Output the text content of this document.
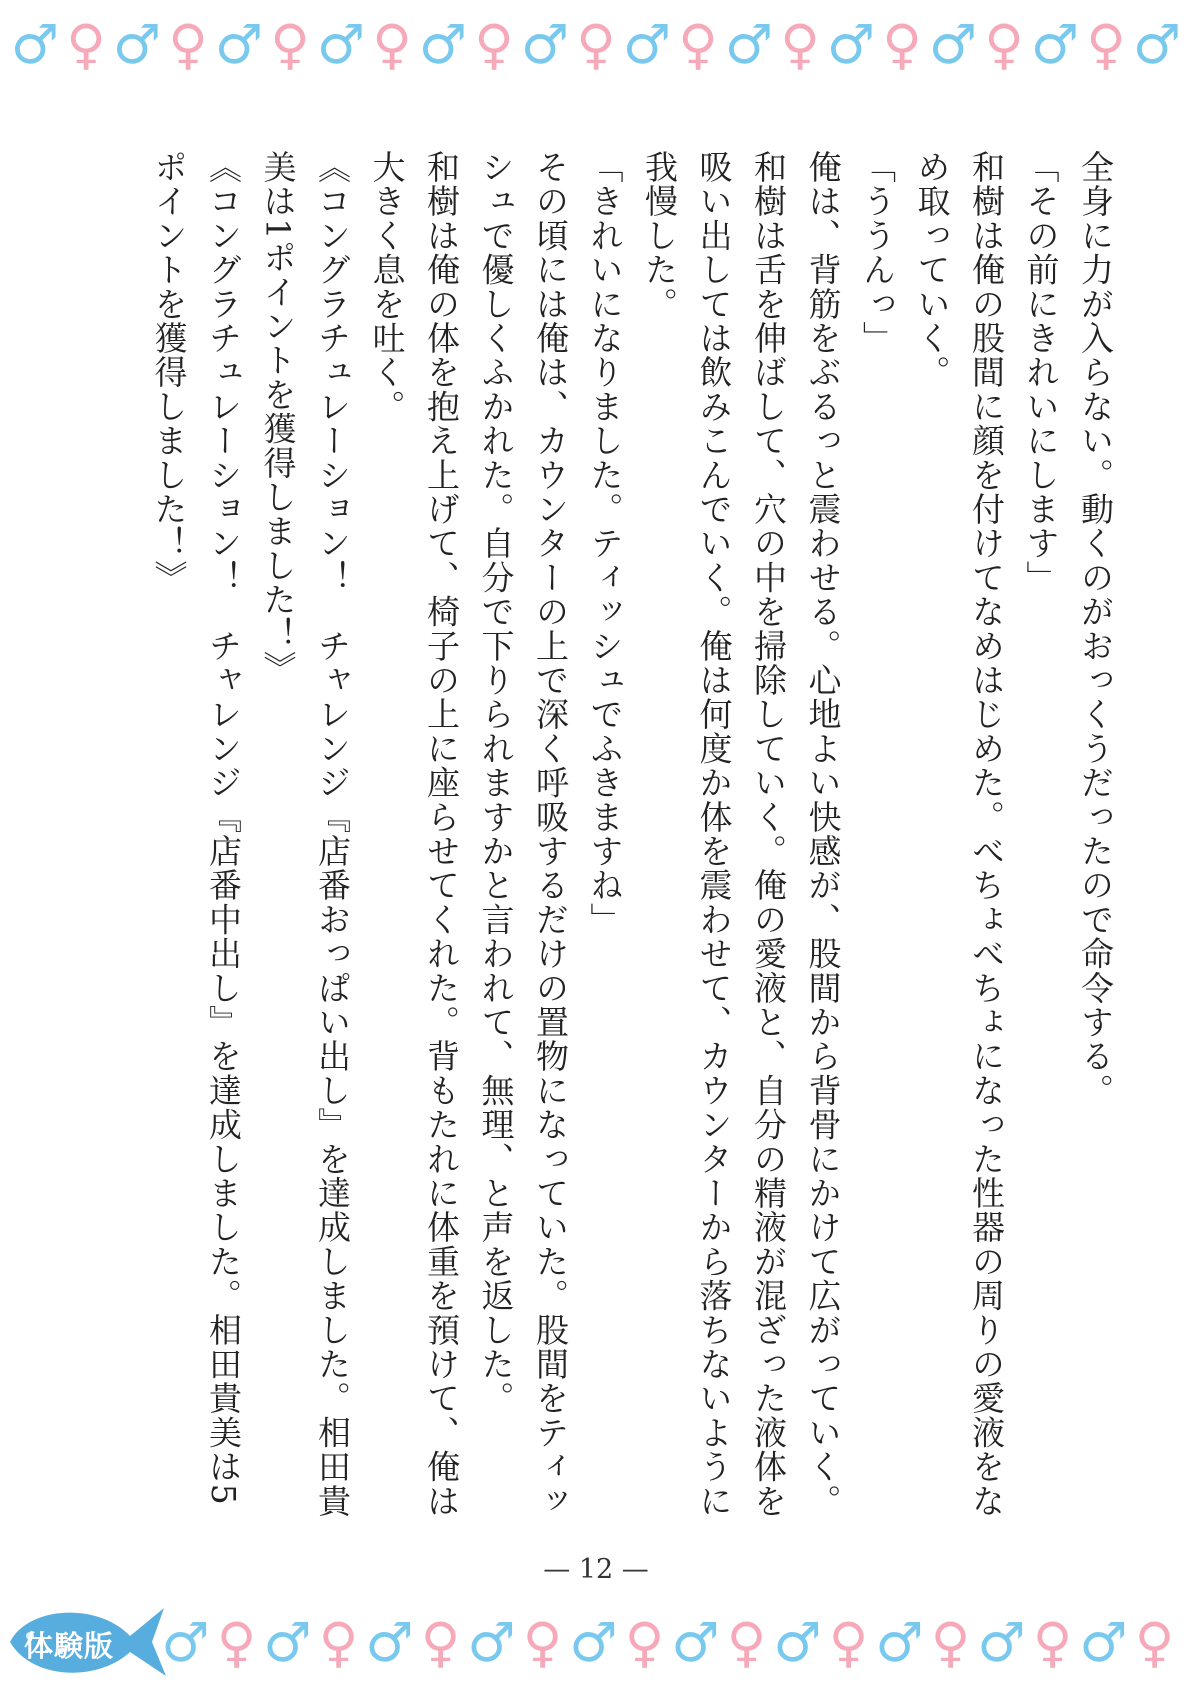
♂ ♀ ♂ ♀ ♂ ♀ ♂ ♀ ♂ ♀ ♂ ♀ ♂ ♀ ♂ ♀ ♂ ♀ ♂ ♀ ♂ ♀ ♂

全身に力が入らない。動くのがおっくうだったので命令する。

「その前にきれいにします」

和樹は俺の股間に顔を付けてなめはじめた。べちょべちょになった性器の周りの愛液をなめ取っていく。

「ううんっ」

俺は、背筋をぶるっと震わせる。心地よい快感が、股間から背骨にかけて広がっていく。

和樹は舌を伸ばして、穴の中を掃除していく。俺の愛液と、自分の精液が混ざった液体を吸い出しては飲みこんでいく。俺は何度か体を震わせて、カウンターから落ちないように我慢した。

「きれいになりました。ティッシュでふきますね」

その頃には俺は、カウンターの上で深く呼吸するだけの置物になっていた。股間をティッシュで優しくふかれた。自分で下りられますかと言われて、無理、と声を返した。

和樹は俺の体を抱え上げて、椅子の上に座らせてくれた。背もたれに体重を預けて、俺は大きく息を吐く。

《コングラチュレーション！　チャレンジ『店番おっぱい出し』を達成しました。相田貴美は1ポイントを獲得しました！》

《コングラチュレーション！　チャレンジ『店番中出し』を達成しました。相田貴美は5ポイントを獲得しました！》

— 12 —
♂ ♀ ♂ ♀ ♂ ♀ ♂ ♀ ♂ ♀ ♂ ♀ ♂ ♀ ♂ ♀ ♂ ♀ ♂ ♀
体験版
